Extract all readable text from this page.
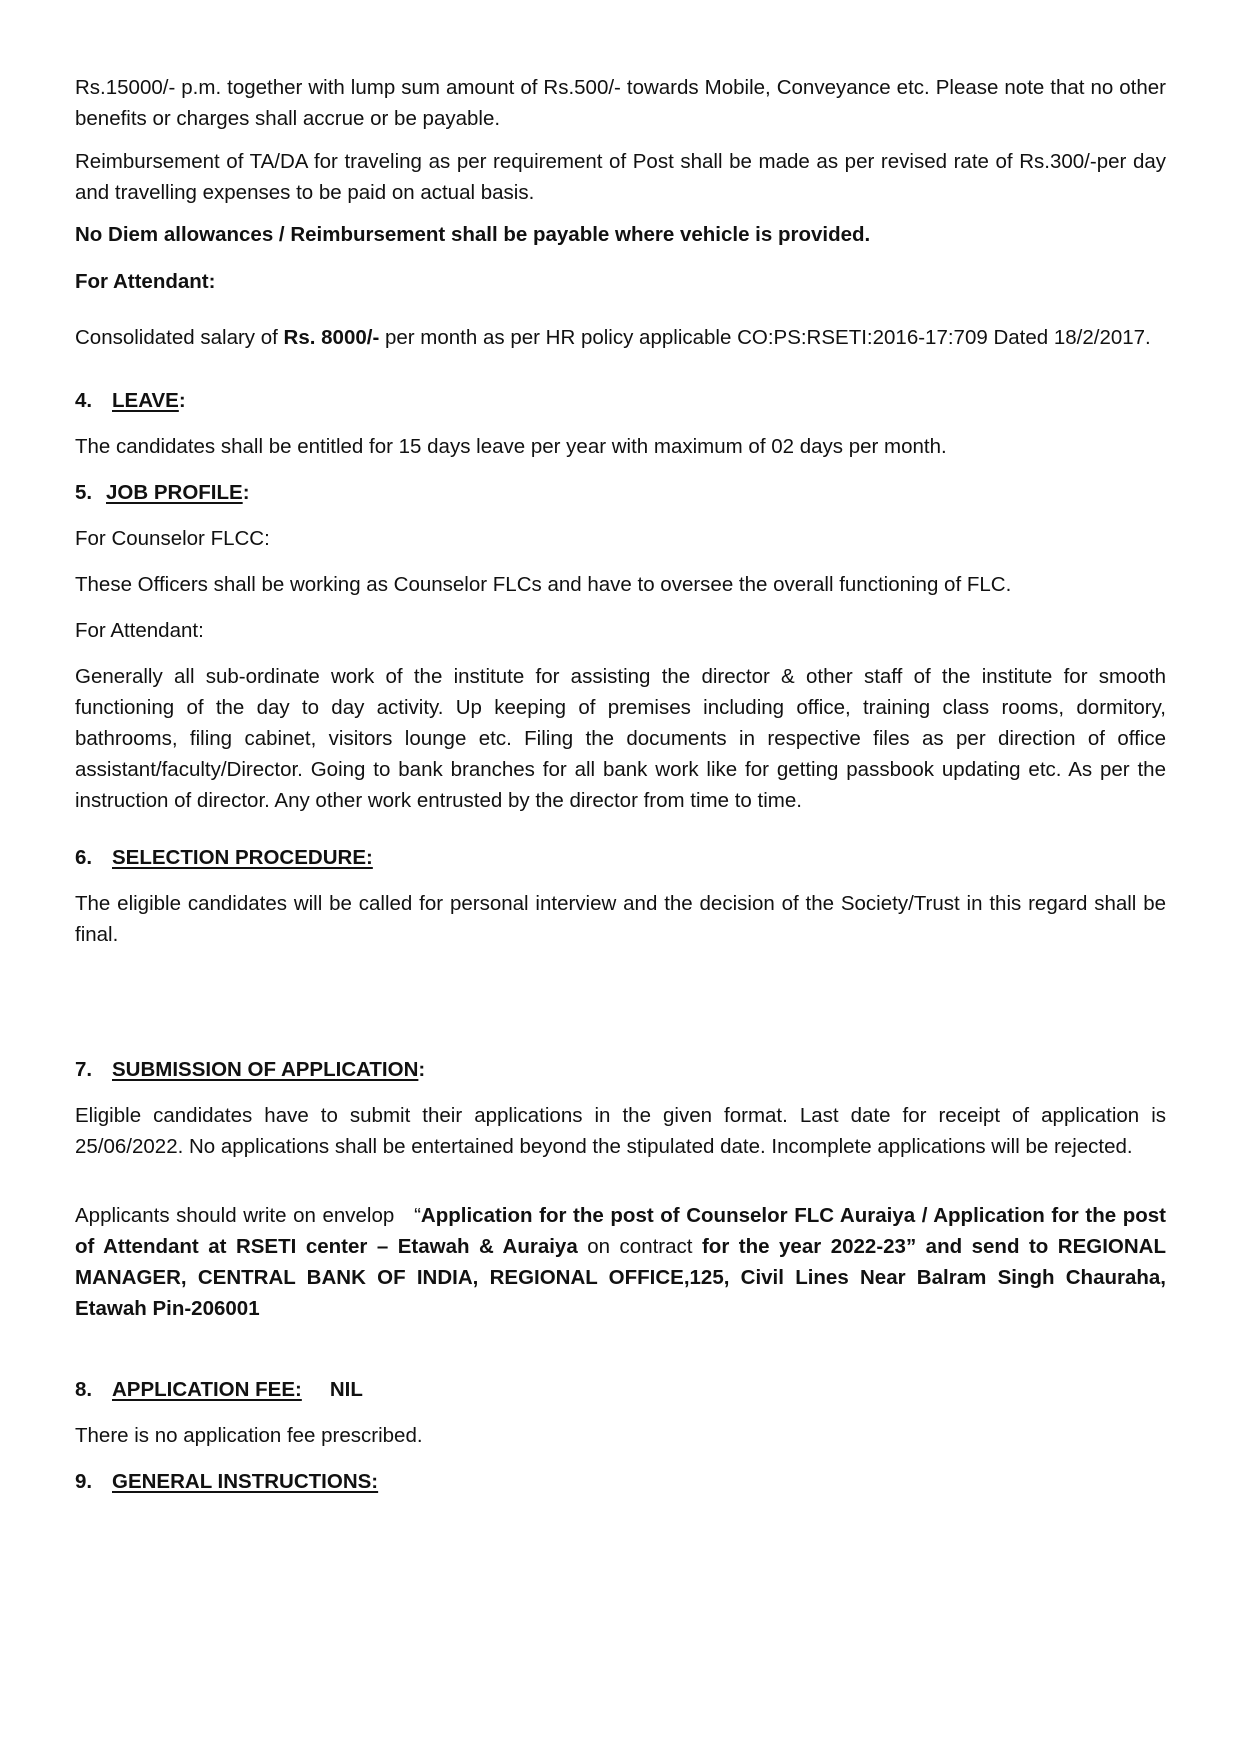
Rs.15000/- p.m. together with lump sum amount of Rs.500/- towards Mobile, Conveyance etc. Please note that no other benefits or charges shall accrue or be payable.

Reimbursement of TA/DA for traveling as per requirement of Post shall be made as per revised rate of Rs.300/-per day and travelling expenses to be paid on actual basis.

No Diem allowances / Reimbursement shall be payable where vehicle is provided.

For Attendant:

Consolidated salary of Rs. 8000/- per month as per HR policy applicable CO:PS:RSETI:2016-17:709 Dated 18/2/2017.

4. LEAVE:

The candidates shall be entitled for 15 days leave per year with maximum of 02 days per month.

5. JOB PROFILE:

For Counselor FLCC:

These Officers shall be working as Counselor FLCs and have to oversee the overall functioning of FLC.

For Attendant:

Generally all sub-ordinate work of the institute for assisting the director & other staff of the institute for smooth functioning of the day to day activity. Up keeping of premises including office, training class rooms, dormitory, bathrooms, filing cabinet, visitors lounge etc. Filing the documents in respective files as per direction of office assistant/faculty/Director. Going to bank branches for all bank work like for getting passbook updating etc. As per the instruction of director. Any other work entrusted by the director from time to time.

6. SELECTION PROCEDURE:

The eligible candidates will be called for personal interview and the decision of the Society/Trust in this regard shall be final.

7. SUBMISSION OF APPLICATION:

Eligible candidates have to submit their applications in the given format. Last date for receipt of application is 25/06/2022. No applications shall be entertained beyond the stipulated date. Incomplete applications will be rejected.

Applicants should write on envelop   “Application for the post of Counselor FLC Auraiya / Application for the post of Attendant at RSETI center – Etawah & Auraiya on contract for the year 2022-23” and send to REGIONAL MANAGER, CENTRAL BANK OF INDIA, REGIONAL OFFICE,125, Civil Lines Near Balram Singh Chauraha, Etawah Pin-206001

8. APPLICATION FEE: NIL

There is no application fee prescribed.

9. GENERAL INSTRUCTIONS:
